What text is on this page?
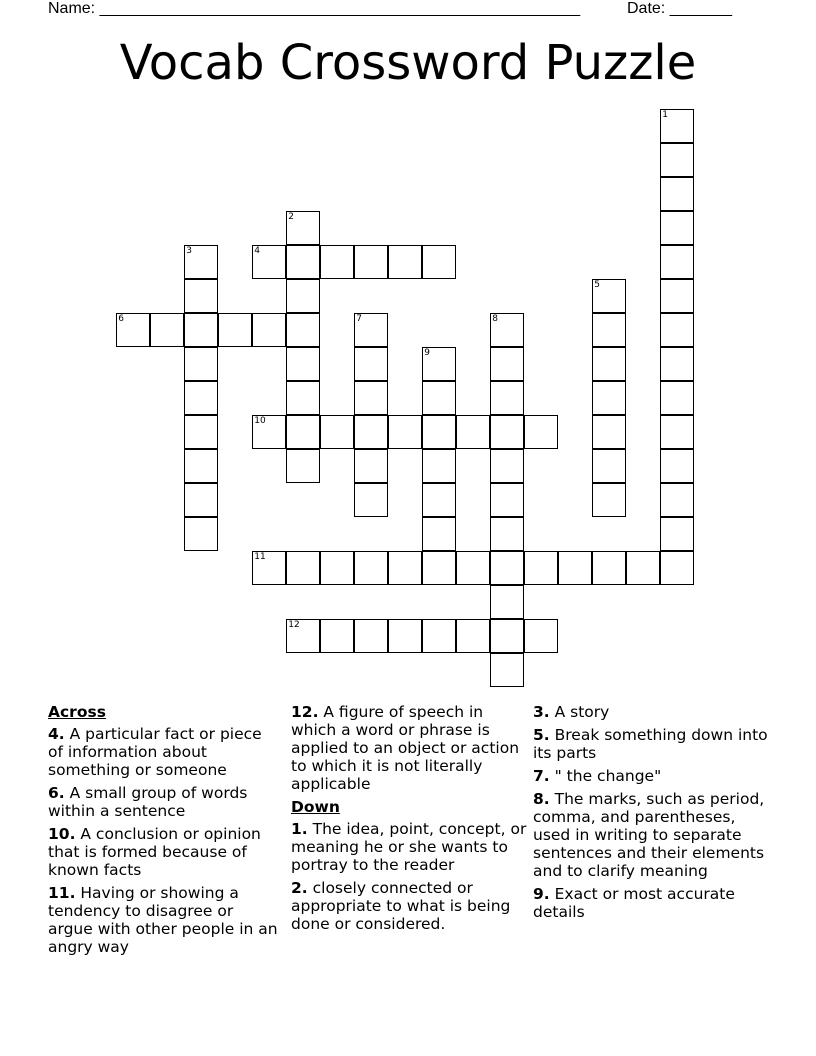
Name: ______________________________________________________	Date: _______
Vocab Crossword Puzzle
1
2
3	4
5
6	7	8
9
10
11
12
Across
4. A particular fact or piece of information about something or someone
6. A small group of words within a sentence
10. A conclusion or opinion that is formed because of known facts
11. Having or showing a tendency to disagree or argue with other people in an angry way
12. A figure of speech in which a word or phrase is applied to an object or action to which it is not literally applicable
Down
1. The idea, point, concept, or meaning he or she wants to portray to the reader
2. closely connected or appropriate to what is being done or considered.
3. A story
5. Break something down into its parts
7. " the change"
8. The marks, such as period, comma, and parentheses, used in writing to separate sentences and their elements and to clarify meaning
9. Exact or most accurate details
